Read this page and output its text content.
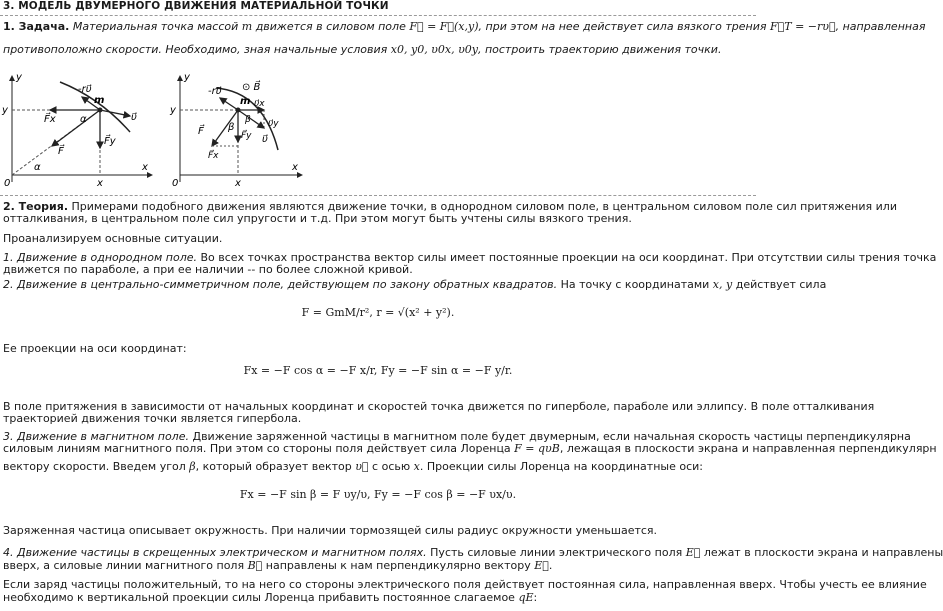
3. МОДЕЛЬ ДВУМЕРНОГО ДВИЖЕНИЯ МАТЕРИАЛЬНОЙ ТОЧКИ
1. Задача. Материальная точка массой m движется в силовом поле F⃗ = F⃗(x,y), при этом на нее действует сила вязкого трения F⃗T = −rυ⃗, направленная
противоположно скорости. Необходимо, зная начальные условия x0, y0, υ0x, υ0y, построить траекторию движения точки.
y
y
x
x
0
-rυ⃗
m
α
α
υ⃗
F⃗x
F⃗y
F⃗
y
y
x
x
0
-rυ⃗ ⊙ B⃗
m υ⃗x
υ⃗y
υ⃗
F⃗
F⃗x
F⃗y
β
β
2. Теория. Примерами подобного движения являются движение точки, в однородном силовом поле, в центральном силовом поле сил притяжения или
отталкивания, в центральном поле сил упругости и т.д. При этом могут быть учтены силы вязкого трения.
Проанализируем основные ситуации.
1. Движение в однородном поле. Во всех точках пространства вектор силы имеет постоянные проекции на оси координат. При отсутствии силы трения точка
движется по параболе, а при ее наличии -- по более сложной кривой.
2. Движение в центрально-симметричном поле, действующем по закону обратных квадратов. На точку с координатами x, y действует сила
F = GmM/r², r = √(x² + y²).
Ее проекции на оси координат:
Fx = −F cos α = −F x/r, Fy = −F sin α = −F y/r.
В поле притяжения в зависимости от начальных координат и скоростей точка движется по гиперболе, параболе или эллипсу. В поле отталкивания
траекторией движения точки является гипербола.
3. Движение в магнитном поле. Движение заряженной частицы в магнитном поле будет двумерным, если начальная скорость частицы перпендикулярна
силовым линиям магнитного поля. При этом со стороны поля действует сила Лоренца F = qυB, лежащая в плоскости экрана и направленная перпендикулярн
вектору скорости. Введем угол β, который образует вектор υ⃗ с осью x. Проекции силы Лоренца на координатные оси:
Fx = −F sin β = F υy/υ, Fy = −F cos β = −F υx/υ.
Заряженная частица описывает окружность. При наличии тормозящей силы радиус окружности уменьшается.
4. Движение частицы в скрещенных электрическом и магнитном полях. Пусть силовые линии электрического поля E⃗ лежат в плоскости экрана и направлены
вверх, а силовые линии магнитного поля B⃗ направлены к нам перпендикулярно вектору E⃗.
Если заряд частицы положительный, то на него со стороны электрического поля действует постоянная сила, направленная вверх. Чтобы учесть ее влияние
необходимо к вертикальной проекции силы Лоренца прибавить постоянное слагаемое qE:
